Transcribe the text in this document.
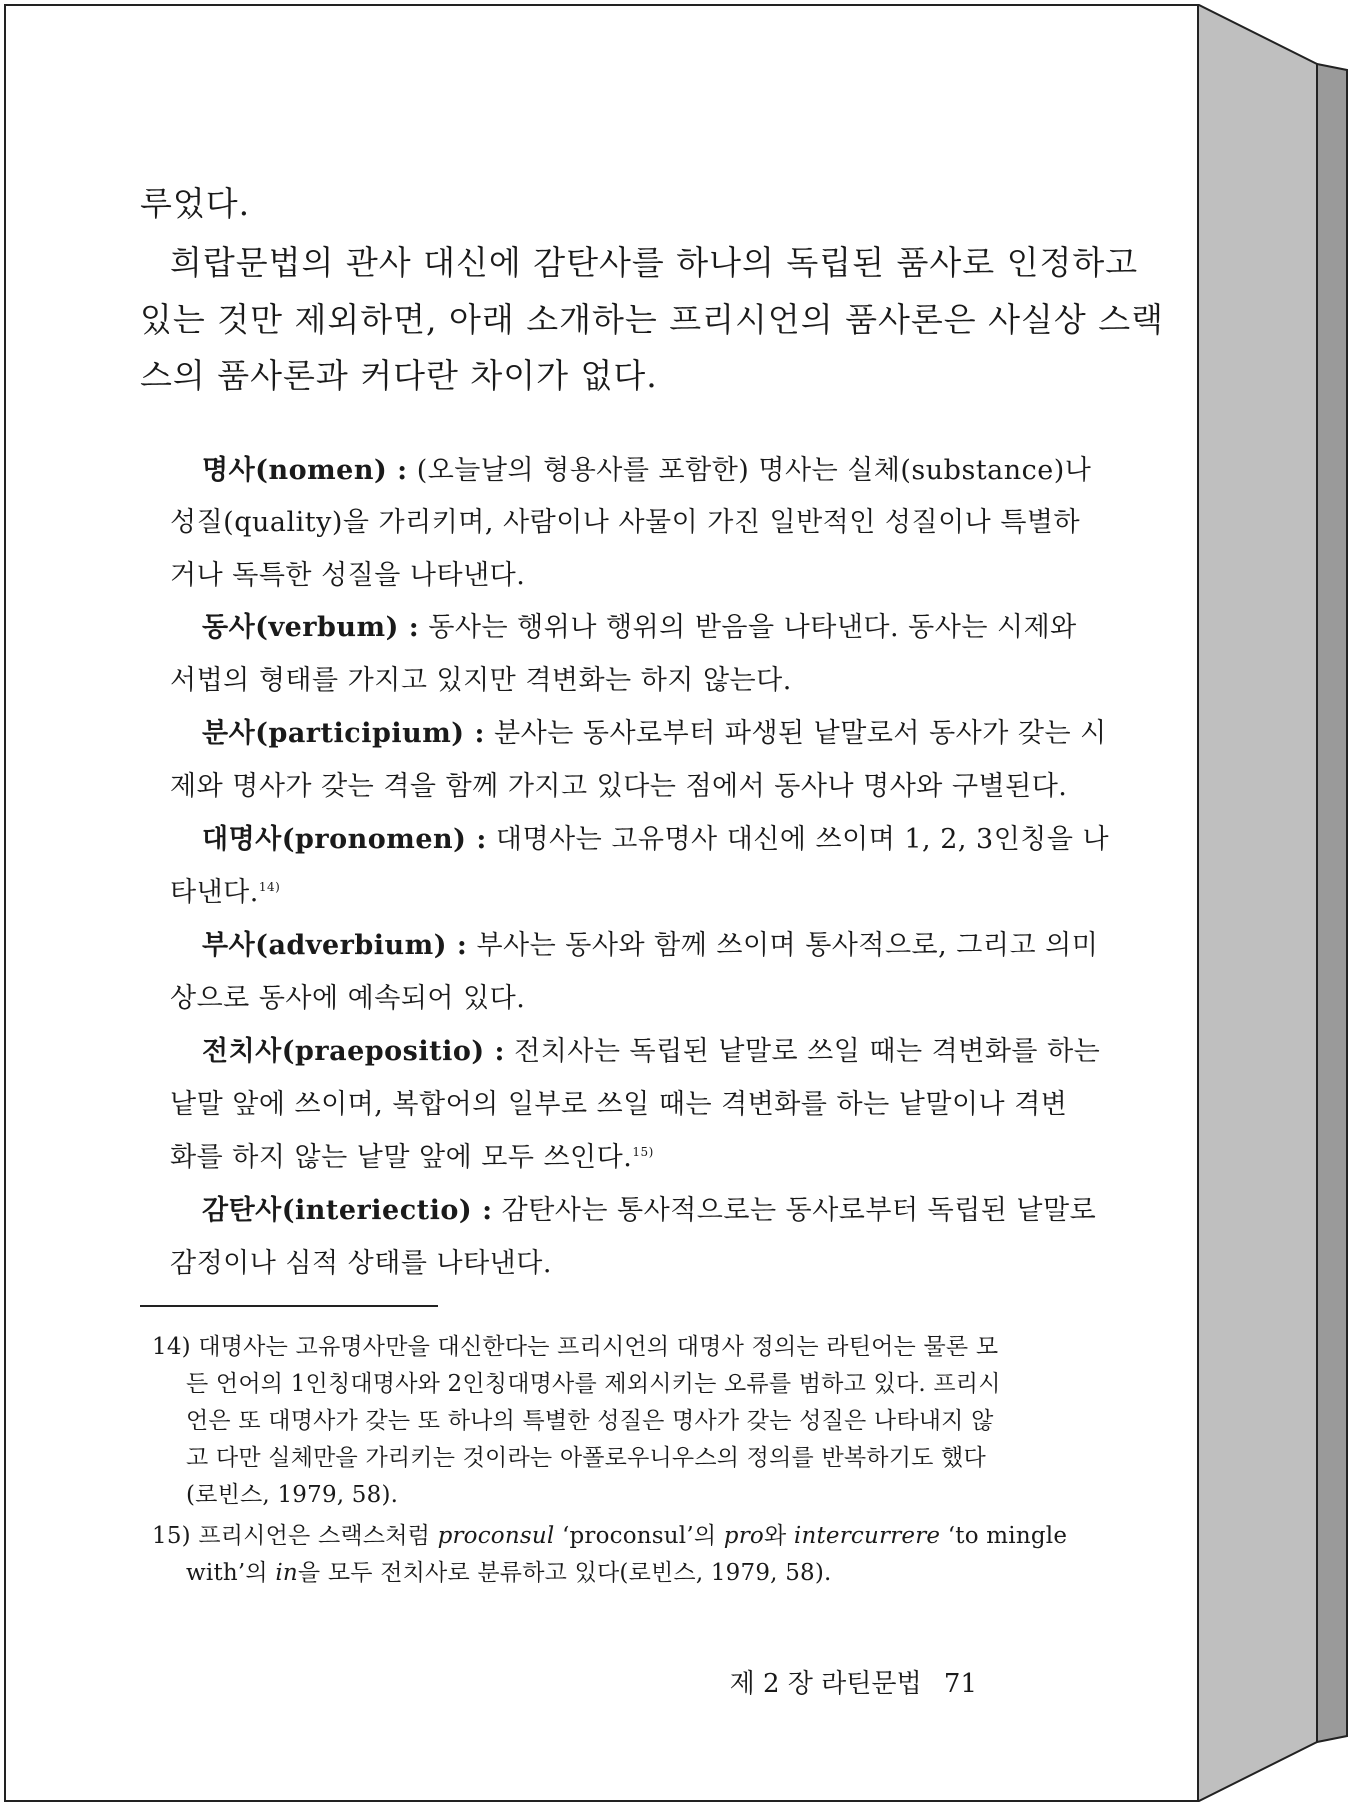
루었다.
희랍문법의 관사 대신에 감탄사를 하나의 독립된 품사로 인정하고
있는 것만 제외하면, 아래 소개하는 프리시언의 품사론은 사실상 스랙
스의 품사론과 커다란 차이가 없다.
명사(nomen) : (오늘날의 형용사를 포함한) 명사는 실체(substance)나
성질(quality)을 가리키며, 사람이나 사물이 가진 일반적인 성질이나 특별하
거나 독특한 성질을 나타낸다.
동사(verbum) : 동사는 행위나 행위의 받음을 나타낸다. 동사는 시제와
서법의 형태를 가지고 있지만 격변화는 하지 않는다.
분사(participium) : 분사는 동사로부터 파생된 낱말로서 동사가 갖는 시
제와 명사가 갖는 격을 함께 가지고 있다는 점에서 동사나 명사와 구별된다.
대명사(pronomen) : 대명사는 고유명사 대신에 쓰이며 1, 2, 3인칭을 나
타낸다.$^{14)}$
부사(adverbium) : 부사는 동사와 함께 쓰이며 통사적으로, 그리고 의미
상으로 동사에 예속되어 있다.
전치사(praepositio) : 전치사는 독립된 낱말로 쓰일 때는 격변화를 하는
낱말 앞에 쓰이며, 복합어의 일부로 쓰일 때는 격변화를 하는 낱말이나 격변
화를 하지 않는 낱말 앞에 모두 쓰인다.$^{15)}$
감탄사(interiectio) : 감탄사는 통사적으로는 동사로부터 독립된 낱말로
감정이나 심적 상태를 나타낸다.
14) 대명사는 고유명사만을 대신한다는 프리시언의 대명사 정의는 라틴어는 물론 모
든 언어의 1인칭대명사와 2인칭대명사를 제외시키는 오류를 범하고 있다. 프리시
언은 또 대명사가 갖는 또 하나의 특별한 성질은 명사가 갖는 성질은 나타내지 않
고 다만 실체만을 가리키는 것이라는 아폴로우니우스의 정의를 반복하기도 했다
(로빈스, 1979, 58).
15) 프리시언은 스랙스처럼 proconsul ‘proconsul’의 pro와 intercurrere ‘to mingle
with’의 in을 모두 전치사로 분류하고 있다(로빈스, 1979, 58).
제 2 장 라틴문법 71
